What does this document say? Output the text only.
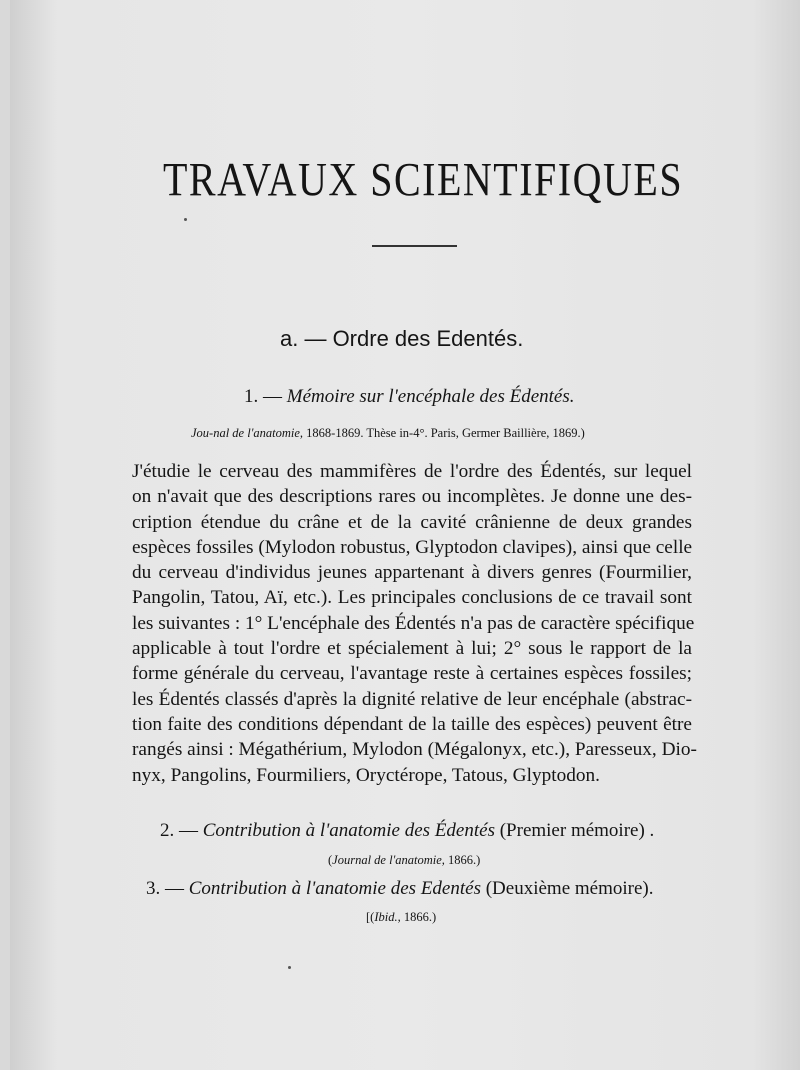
TRAVAUX SCIENTIFIQUES
a. — Ordre des Edentés.
1. — Mémoire sur l'encéphale des Édentés.
Jou-nal de l'anatomie, 1868-1869. Thèse in-4°. Paris, Germer Baillière, 1869.)
J'étudie le cerveau des mammifères de l'ordre des Édentés, sur lequel
on n'avait que des descriptions rares ou incomplètes. Je donne une des-
cription étendue du crâne et de la cavité crânienne de deux grandes
espèces fossiles (Mylodon robustus, Glyptodon clavipes), ainsi que celle
du cerveau d'individus jeunes appartenant à divers genres (Fourmilier,
Pangolin, Tatou, Aï, etc.). Les principales conclusions de ce travail sont
les suivantes : 1° L'encéphale des Édentés n'a pas de caractère spécifique
applicable à tout l'ordre et spécialement à lui; 2° sous le rapport de la
forme générale du cerveau, l'avantage reste à certaines espèces fossiles;
les Édentés classés d'après la dignité relative de leur encéphale (abstrac-
tion faite des conditions dépendant de la taille des espèces) peuvent être
rangés ainsi : Mégathérium, Mylodon (Mégalonyx, etc.), Paresseux, Dio-
nyx, Pangolins, Fourmiliers, Oryctérope, Tatous, Glyptodon.
2. — Contribution à l'anatomie des Édentés (Premier mémoire) .
(Journal de l'anatomie, 1866.)
3. — Contribution à l'anatomie des Edentés (Deuxième mémoire).
[(Ibid., 1866.)
